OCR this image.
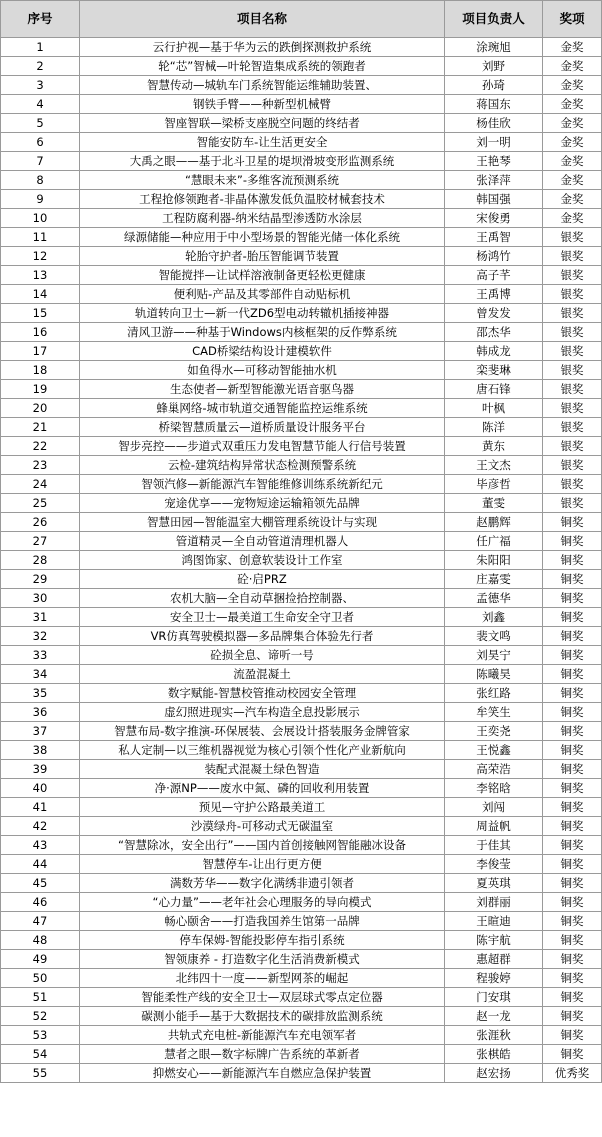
序号	项目名称	项目负责人	奖项
1	云行护视—基于华为云的跌倒探测救护系统	涂琬旭	金奖
2	轮“芯”智械—叶轮智造集成系统的领跑者	刘野	金奖
3	智慧传动—城轨车门系统智能运维辅助装置、	孙琦	金奖
4	钢铁手臂——种新型机械臂	蒋国东	金奖
5	智座智联—梁桥支座脱空问题的终结者	杨佳欣	金奖
6	智能安防车-让生活更安全	刘一明	金奖
7	大禹之眼——基于北斗卫星的堤坝滑坡变形监测系统	王艳琴	金奖
8	“慧眼未来”-多维客流预测系统	张泽萍	金奖
9	工程抢修领跑者-非晶体激发低负温胶材械套技术	韩国强	金奖
10	工程防腐利器-纳米结晶型渗透防水涂层	宋俊勇	金奖
11	绿源储能—种应用于中小型场景的智能光储一体化系统	王禹智	银奖
12	轮胎守护者-胎压智能调节装置	杨鸿竹	银奖
13	智能搅拌—让试样溶液制备更轻松更健康	高子芊	银奖
14	便利贴-产品及其零部件自动贴标机	王禹博	银奖
15	轨道转向卫士—新一代ZD6型电动转辙机插接神器	曾发发	银奖
16	清风卫游——种基于Windows内核框架的反作弊系统	邵杰华	银奖
17	CAD桥梁结构设计建模软件	韩成龙	银奖
18	如鱼得水—可移动智能抽水机	栾斐琳	银奖
19	生态使者—新型智能激光语音驱鸟器	唐石锋	银奖
20	蜂巢网络-城市轨道交通智能监控运维系统	叶枫	银奖
21	桥梁智慧质量云—道桥质量设计服务平台	陈洋	银奖
22	智步亮控——步道式双重压力发电智慧节能人行信号装置	黄东	银奖
23	云检-建筑结构异常状态检测预警系统	王文杰	银奖
24	智领汽修—新能源汽车智能维修训练系统新纪元	毕彦哲	银奖
25	宠途优享——宠物短途运输箱领先品牌	董雯	银奖
26	智慧田园—智能温室大棚管理系统设计与实现	赵鹏辉	铜奖
27	管道精灵—全自动管道清理机器人	任广福	铜奖
28	鸿图饰家、创意软装设计工作室	朱阳阳	铜奖
29	砼·启PRZ	庄嘉雯	铜奖
30	农机大脑—全自动草捆捡拾控制器、	孟德华	铜奖
31	安全卫士—最美道工生命安全守卫者	刘鑫	铜奖
32	VR仿真驾驶模拟器—多品牌集合体验先行者	裴文鸣	铜奖
33	砼损全息、谛听一号	刘昊宁	铜奖
34	流盈混凝土	陈曦昊	铜奖
35	数字赋能-智慧校管推动校园安全管理	张红路	铜奖
36	虚幻照进现实—汽车构造全息投影展示	牟笑生	铜奖
37	智慧布局-数字推演-环保展装、会展设计搭装服务金牌管家	王奕尧	铜奖
38	私人定制—以三维机器视觉为核心引领个性化产业新航向	王悦鑫	铜奖
39	装配式混凝土绿色智造	高荣浩	铜奖
40	净·源NP——废水中氮、磷的回收利用装置	李铭晗	铜奖
41	预见—守护公路最美道工	刘闯	铜奖
42	沙漠绿舟-可移动式无碳温室	周益帆	铜奖
43	“智慧除冰，安全出行”——国内首创接触网智能融冰设备	于佳其	铜奖
44	智慧停车-让出行更方便	李俊莹	铜奖
45	满数芳华——数字化满绣非遗引领者	夏英琪	铜奖
46	“心力量”——老年社会心理服务的导向模式	刘群丽	铜奖
47	畅心颐舍——打造我国养生馆第一品牌	王暄迪	铜奖
48	停车保姆-智能投影停车指引系统	陈宇航	铜奖
49	智领康养 - 打造数字化生活消费新模式	惠超群	铜奖
50	北纬四十一度——新型网茶的崛起	程骏婷	铜奖
51	智能柔性产线的安全卫士—双层球式零点定位器	门安琪	铜奖
52	碳测小能手—基于大数据技术的碳排放监测系统	赵一龙	铜奖
53	共轨式充电桩-新能源汽车充电领军者	张涯秋	铜奖
54	慧者之眼—数字标牌广告系统的革新者	张棋皓	铜奖
55	抑燃安心——新能源汽车自燃应急保护装置	赵宏扬	优秀奖
